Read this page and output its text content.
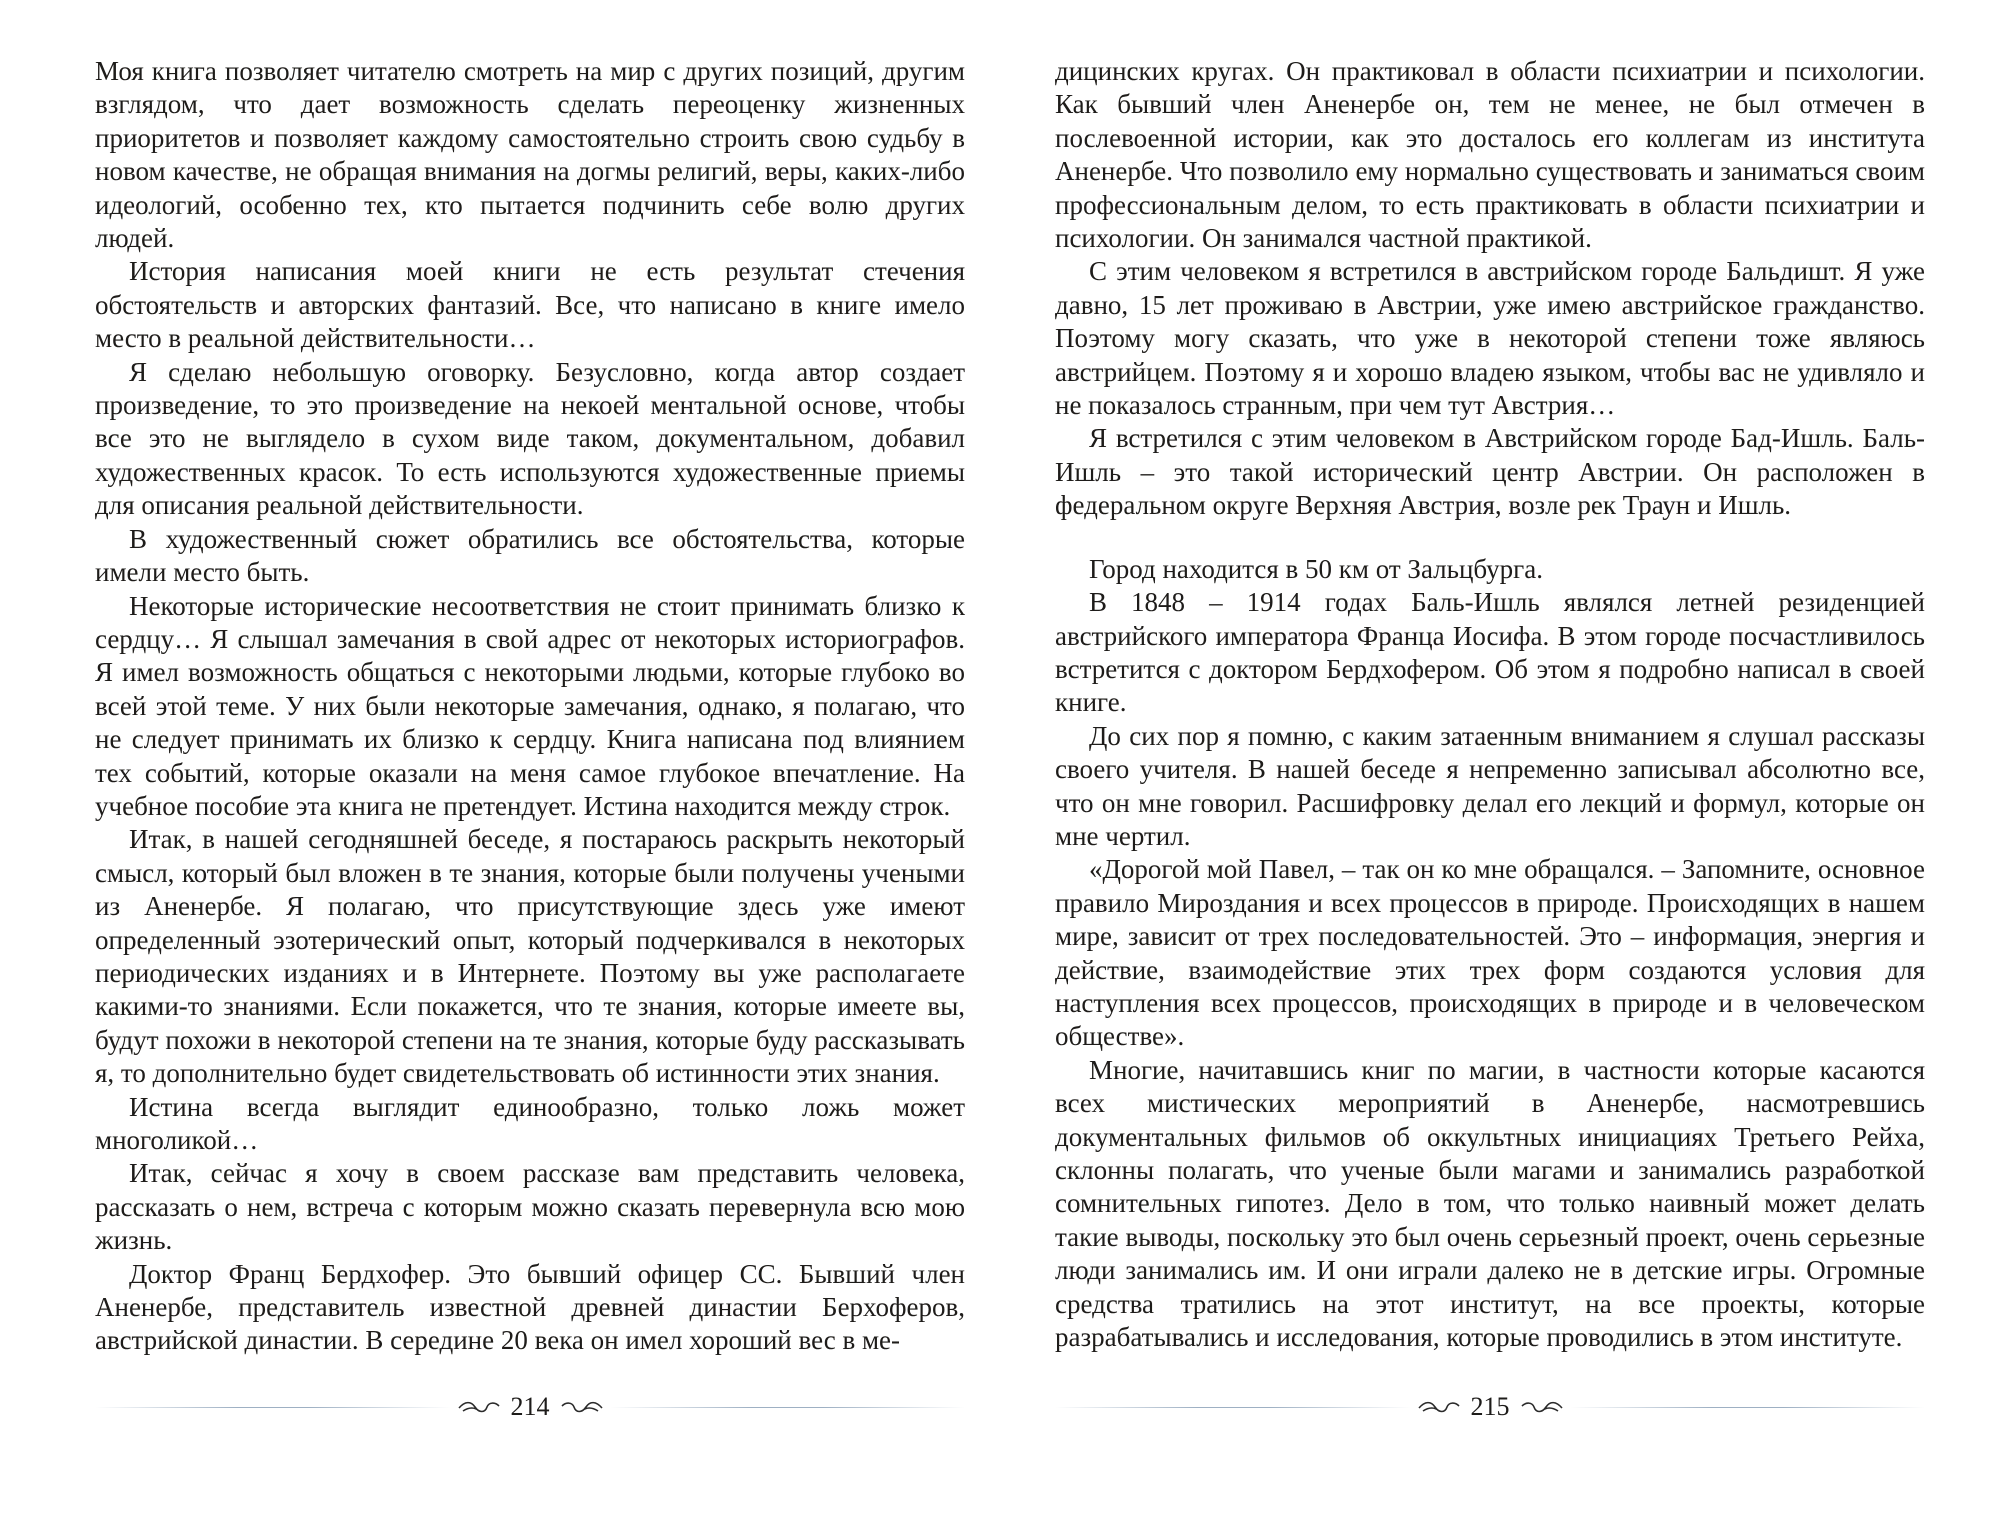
Моя книга позволяет читателю смотреть на мир с других позиций, другим взглядом, что дает возможность сделать переоценку жизненных приоритетов и позволяет каждому самостоятельно строить свою судьбу в новом качестве, не обращая внимания на догмы религий, веры, каких-либо идеологий, особенно тех, кто пытается подчинить себе волю других людей.

История написания моей книги не есть результат стечения обстоятельств и авторских фантазий. Все, что написано в книге имело место в реальной действительности…

Я сделаю небольшую оговорку. Безусловно, когда автор создает произведение, то это произведение на некоей ментальной основе, чтобы все это не выглядело в сухом виде таком, документальном, добавил художественных красок. То есть используются художественные приемы для описания реальной действительности.

В художественный сюжет обратились все обстоятельства, которые имели место быть.

Некоторые исторические несоответствия не стоит принимать близко к сердцу… Я слышал замечания в свой адрес от некоторых историографов. Я имел возможность общаться с некоторыми людьми, которые глубоко во всей этой теме. У них были некоторые замечания, однако, я полагаю, что не следует принимать их близко к сердцу. Книга написана под влиянием тех событий, которые оказали на меня самое глубокое впечатление. На учебное пособие эта книга не претендует. Истина находится между строк.

Итак, в нашей сегодняшней беседе, я постараюсь раскрыть некоторый смысл, который был вложен в те знания, которые были получены учеными из Аненербе. Я полагаю, что присутствующие здесь уже имеют определенный эзотерический опыт, который подчеркивался в некоторых периодических изданиях и в Интернете. Поэтому вы уже располагаете какими-то знаниями. Если покажется, что те знания, которые имеете вы, будут похожи в некоторой степени на те знания, которые буду рассказывать я, то дополнительно будет свидетельствовать об истинности этих знания.

Истина всегда выглядит единообразно, только ложь может многоликой…

Итак, сейчас я хочу в своем рассказе вам представить человека, рассказать о нем, встреча с которым можно сказать перевернула всю мою жизнь.

Доктор Франц Бердхофер. Это бывший офицер СС. Бывший член Аненербе, представитель известной древней династии Берхоферов, австрийской династии. В середине 20 века он имел хороший вес в ме-

214

дицинских кругах. Он практиковал в области психиатрии и психологии. Как бывший член Аненербе он, тем не менее, не был отмечен в послевоенной истории, как это досталось его коллегам из института Аненербе. Что позволило ему нормально существовать и заниматься своим профессиональным делом, то есть практиковать в области психиатрии и психологии. Он занимался частной практикой.

С этим человеком я встретился в австрийском городе Бальдишт. Я уже давно, 15 лет проживаю в Австрии, уже имею австрийское гражданство. Поэтому могу сказать, что уже в некоторой степени тоже являюсь австрийцем. Поэтому я и хорошо владею языком, чтобы вас не удивляло и не показалось странным, при чем тут Австрия…

Я встретился с этим человеком в Австрийском городе Бад-Ишль. Баль-Ишль – это такой исторический центр Австрии. Он расположен в федеральном округе Верхняя Австрия, возле рек Траун и Ишль.

Город находится в 50 км от Зальцбурга.

В 1848 – 1914 годах Баль-Ишль являлся летней резиденцией австрийского императора Франца Иосифа. В этом городе посчастливилось встретится с доктором Бердхофером. Об этом я подробно написал в своей книге.

До сих пор я помню, с каким затаенным вниманием я слушал рассказы своего учителя. В нашей беседе я непременно записывал абсолютно все, что он мне говорил. Расшифровку делал его лекций и формул, которые он мне чертил.

«Дорогой мой Павел, – так он ко мне обращался. – Запомните, основное правило Мироздания и всех процессов в природе. Происходящих в нашем мире, зависит от трех последовательностей. Это – информация, энергия и действие, взаимодействие этих трех форм создаются условия для наступления всех процессов, происходящих в природе и в человеческом обществе».

Многие, начитавшись книг по магии, в частности которые касаются всех мистических мероприятий в Аненербе, насмотревшись документальных фильмов об оккультных инициациях Третьего Рейха, склонны полагать, что ученые были магами и занимались разработкой сомнительных гипотез. Дело в том, что только наивный может делать такие выводы, поскольку это был очень серьезный проект, очень серьезные люди занимались им. И они играли далеко не в детские игры. Огромные средства тратились на этот институт, на все проекты, которые разрабатывались и исследования, которые проводились в этом институте.

215
